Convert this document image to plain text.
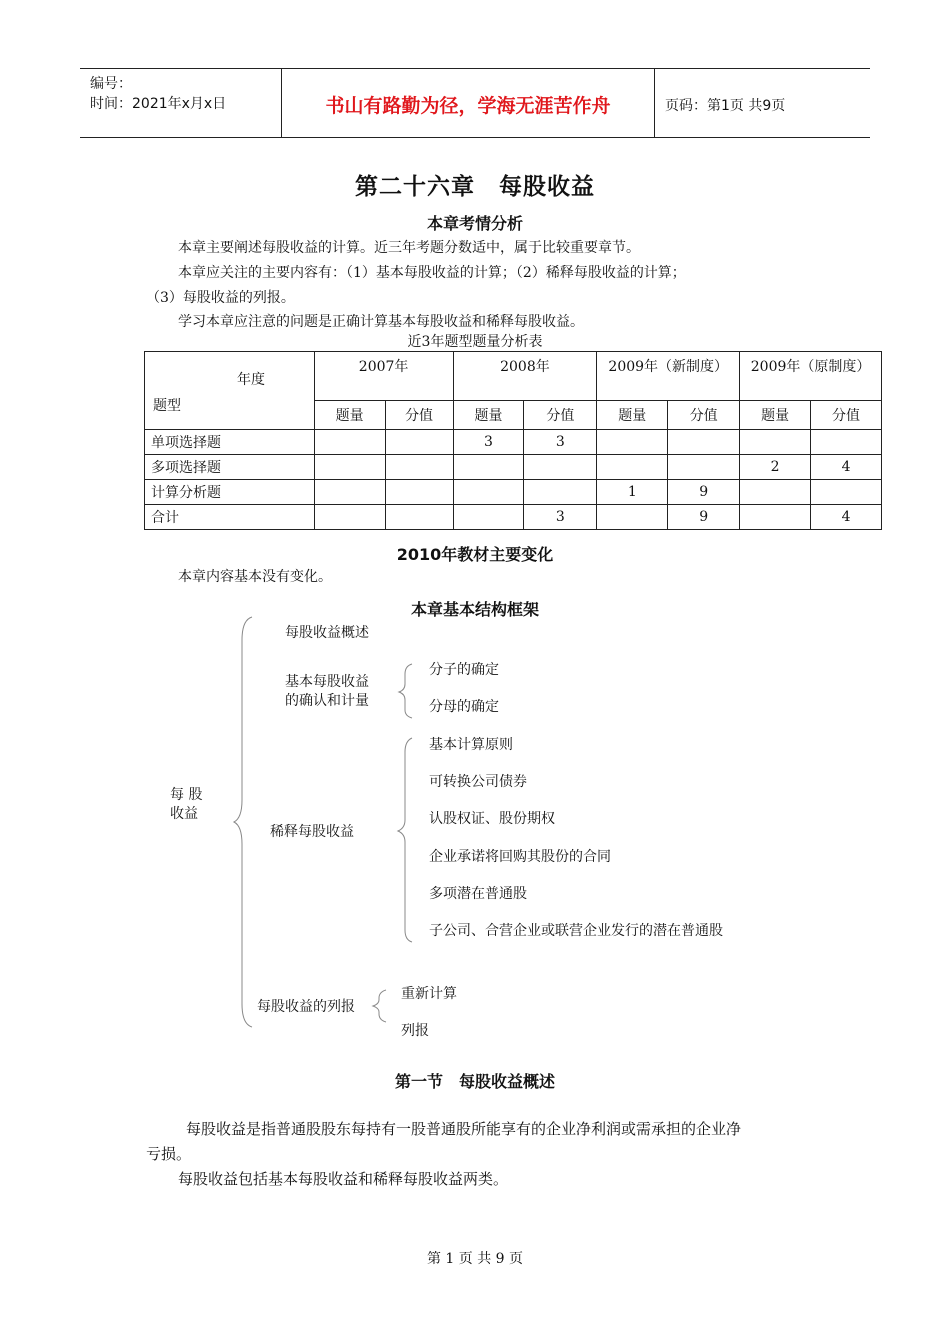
编号：
时间：2021年x月x日	书山有路勤为径，学海无涯苦作舟	页码：第1页 共9页
第二十六章　每股收益
本章考情分析
本章主要阐述每股收益的计算。近三年考题分数适中，属于比较重要章节。
本章应关注的主要内容有：（1）基本每股收益的计算；（2）稀释每股收益的计算；
（3）每股收益的列报。
学习本章应注意的问题是正确计算基本每股收益和稀释每股收益。
近3年题型题量分析表
年度
题型	2007年		2008年		2009年（新制度）		2009年（原制度）	
	题量	分值	题量	分值	题量	分值	题量	分值
单项选择题			3	3				
多项选择题							2	4
计算分析题					1	9		
合计				3		9		4
2010年教材主要变化
本章内容基本没有变化。
本章基本结构框架
每 股
收益
每股收益概述
基本每股收益
的确认和计量
分子的确定
分母的确定
稀释每股收益
基本计算原则
可转换公司债券
认股权证、股份期权
企业承诺将回购其股份的合同
多项潜在普通股
子公司、合营企业或联营企业发行的潜在普通股
每股收益的列报
重新计算
列报
第一节　每股收益概述
每股收益是指普通股股东每持有一股普通股所能享有的企业净利润或需承担的企业净
亏损。
每股收益包括基本每股收益和稀释每股收益两类。
第 1 页 共 9 页
